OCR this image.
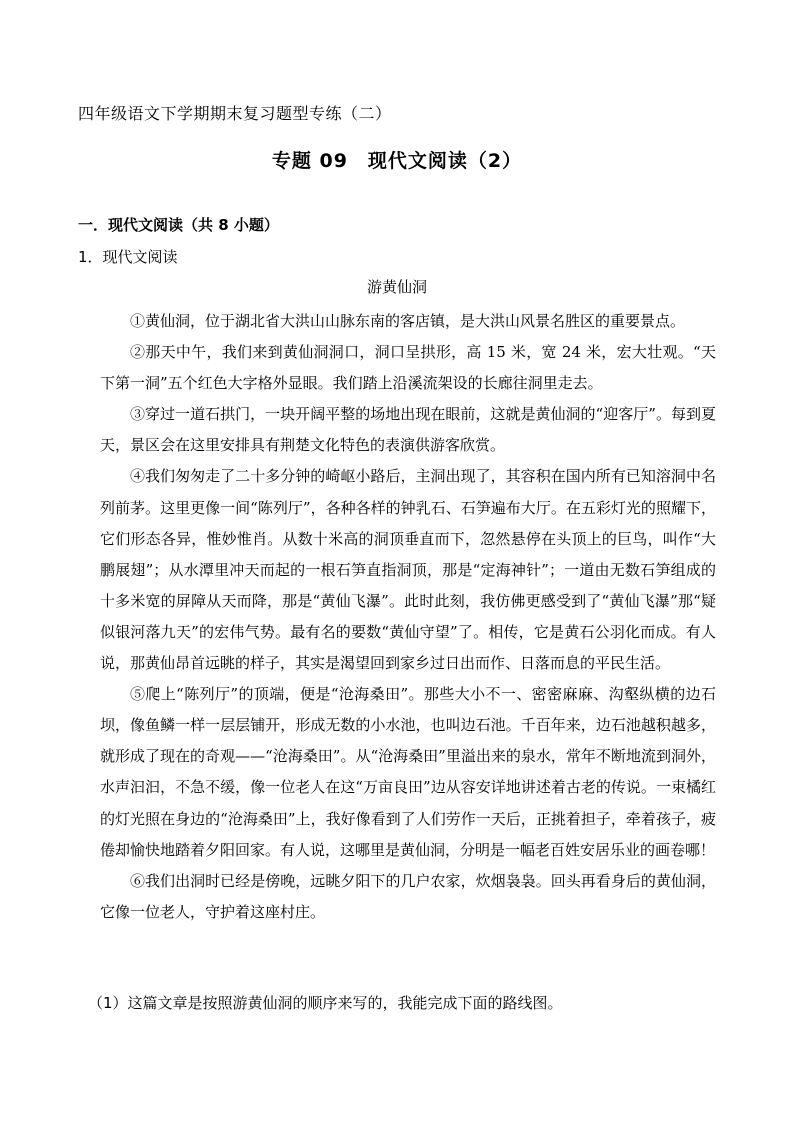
四年级语文下学期期末复习题型专练（二）
专题 09　现代文阅读（2）
一．现代文阅读（共 8 小题）
1．现代文阅读
游黄仙洞

①黄仙洞，位于湖北省大洪山山脉东南的客店镇，是大洪山风景名胜区的重要景点。

②那天中午，我们来到黄仙洞洞口，洞口呈拱形，高 15 米，宽 24 米，宏大壮观。“天下第一洞”五个红色大字格外显眼。我们踏上沿溪流架设的长廊往洞里走去。

③穿过一道石拱门，一块开阔平整的场地出现在眼前，这就是黄仙洞的“迎客厅”。每到夏天，景区会在这里安排具有荆楚文化特色的表演供游客欣赏。

④我们匆匆走了二十多分钟的崎岖小路后，主洞出现了，其容积在国内所有已知溶洞中名列前茅。这里更像一间“陈列厅”，各种各样的钟乳石、石笋遍布大厅。在五彩灯光的照耀下，它们形态各异，惟妙惟肖。从数十米高的洞顶垂直而下，忽然悬停在头顶上的巨鸟，叫作“大鹏展翅”；从水潭里冲天而起的一根石笋直指洞顶，那是“定海神针”；一道由无数石笋组成的十多米宽的屏障从天而降，那是“黄仙飞瀑”。此时此刻，我仿佛更感受到了“黄仙飞瀑”那“疑似银河落九天”的宏伟气势。最有名的要数“黄仙守望”了。相传，它是黄石公羽化而成。有人说，那黄仙昂首远眺的样子，其实是渴望回到家乡过日出而作、日落而息的平民生活。

⑤爬上“陈列厅”的顶端，便是“沧海桑田”。那些大小不一、密密麻麻、沟壑纵横的边石坝，像鱼鳞一样一层层铺开，形成无数的小水池，也叫边石池。千百年来，边石池越积越多，就形成了现在的奇观——“沧海桑田”。从“沧海桑田”里溢出来的泉水，常年不断地流到洞外，水声汩汩，不急不缓，像一位老人在这“万亩良田”边从容安详地讲述着古老的传说。一束橘红的灯光照在身边的“沧海桑田”上，我好像看到了人们劳作一天后，正挑着担子，牵着孩子，疲倦却愉快地踏着夕阳回家。有人说，这哪里是黄仙洞，分明是一幅老百姓安居乐业的画卷哪！

⑥我们出洞时已经是傍晚，远眺夕阳下的几户农家，炊烟袅袅。回头再看身后的黄仙洞，它像一位老人，守护着这座村庄。

（1）这篇文章是按照游黄仙洞的顺序来写的，我能完成下面的路线图。
